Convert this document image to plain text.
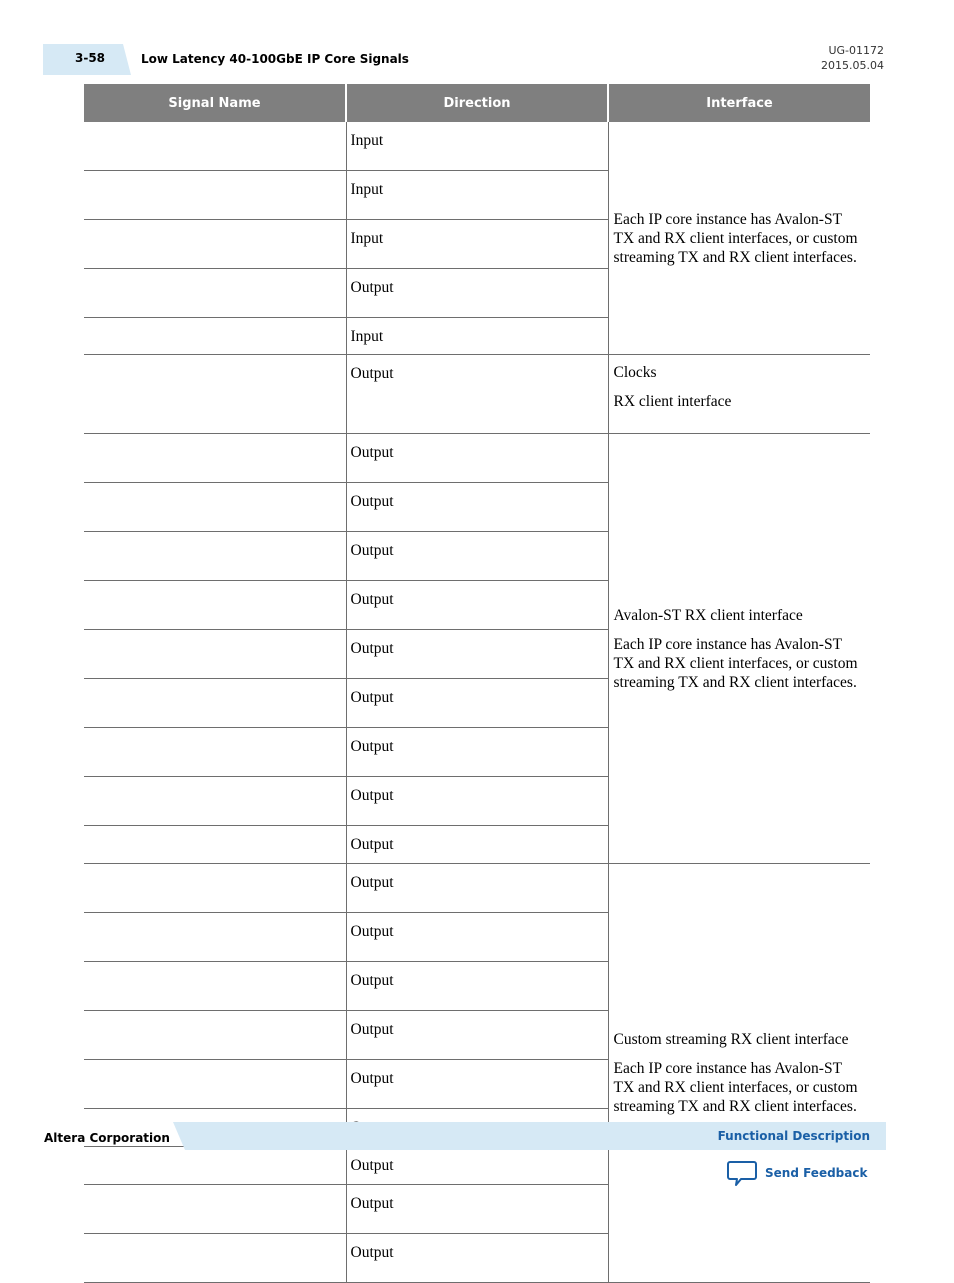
3-58	Low Latency 40-100GbE IP Core Signals
UG-01172
2015.05.04
Signal Name	Direction	Interface
	Input	Each IP core instance has Avalon-ST TX and RX client interfaces, or custom streaming TX and RX client interfaces.

	Input	
	Input	
	Output	
	Input	
	Output	Clocks

RX client interface

	Output	Avalon-ST RX client interface

Each IP core instance has Avalon-ST TX and RX client interfaces, or custom streaming TX and RX client interfaces.

	Output	
	Output	
	Output	
	Output	
	Output	
	Output	
	Output	
	Output	
	Output	Custom streaming RX client interface

Each IP core instance has Avalon-ST TX and RX client interfaces, or custom streaming TX and RX client interfaces.

	Output	
	Output	
	Output	
	Output	

	Output	
	Output	
	Output	
Altera Corporation	Functional Description
Send Feedback
